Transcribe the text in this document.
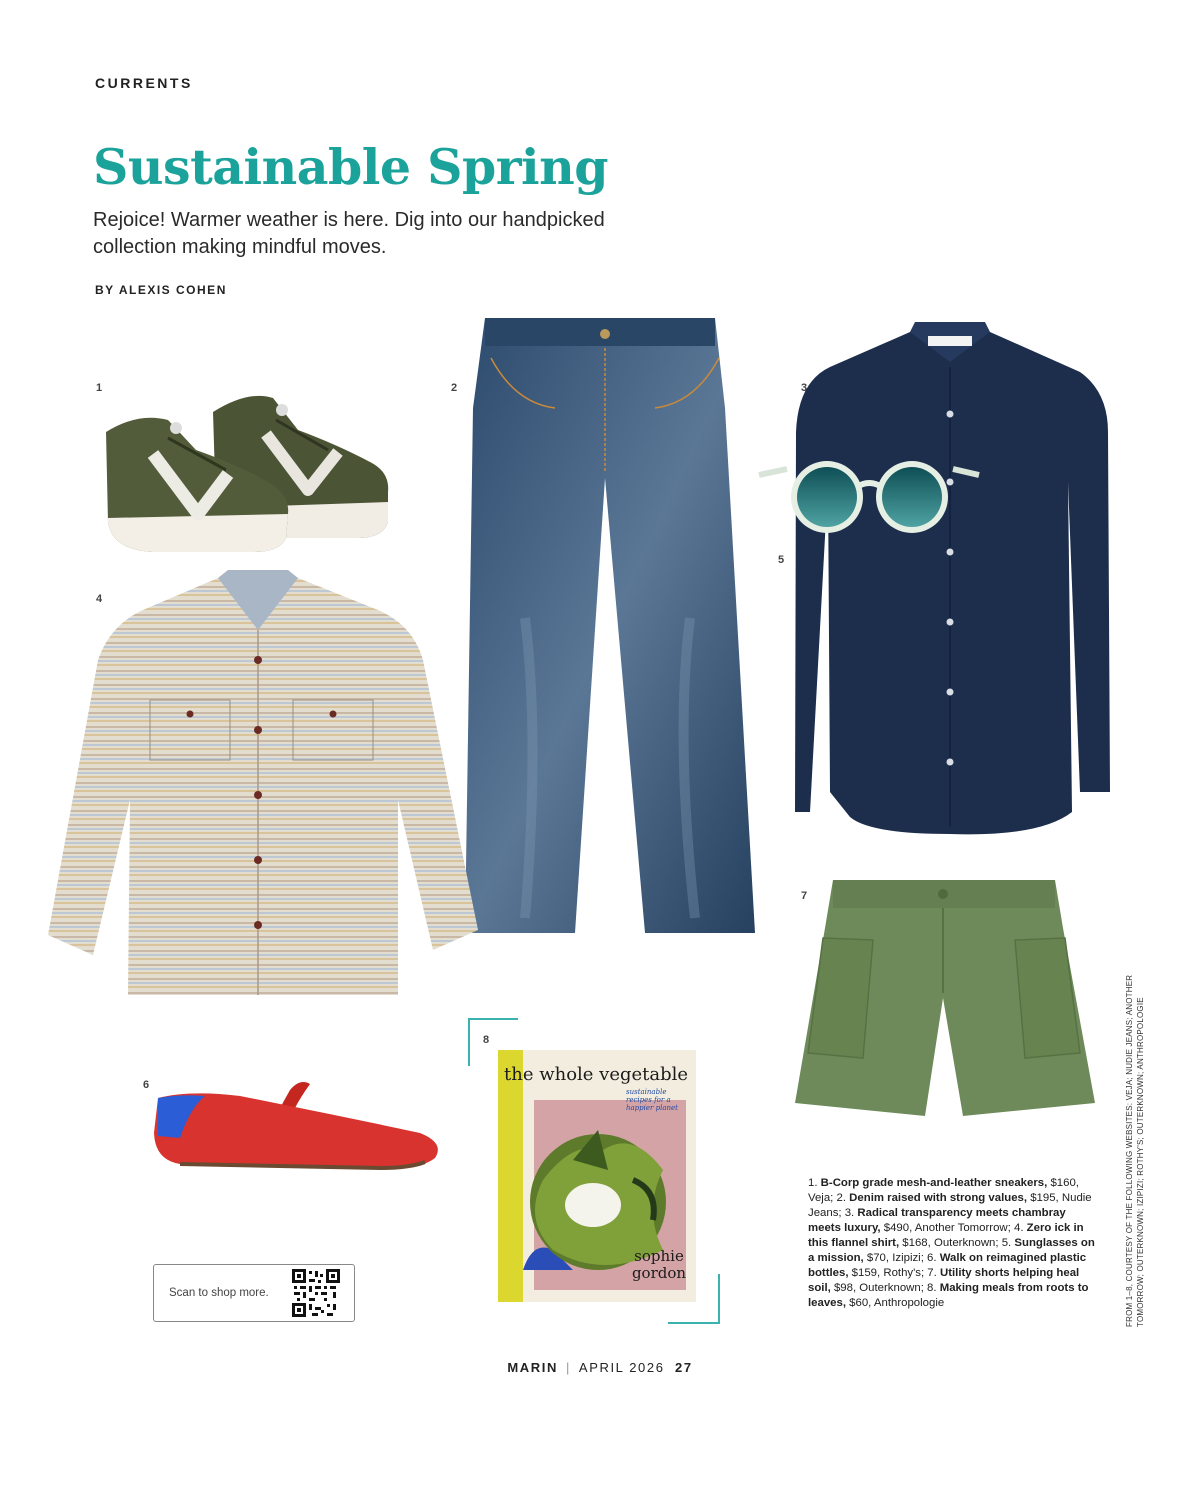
CURRENTS
Sustainable Spring
Rejoice! Warmer weather is here. Dig into our handpicked collection making mindful moves.
BY ALEXIS COHEN
1	2	3
4
5
6
7
8
the whole vegetable
sustainable recipes for a happier planet
sophie
gordon
1. B-Corp grade mesh-and-leather sneakers, $160, Veja; 2. Denim raised with strong values, $195, Nudie Jeans; 3. Radical transparency meets chambray meets luxury, $490, Another Tomorrow; 4. Zero ick in this flannel shirt, $168, Outerknown; 5. Sunglasses on a mission, $70, Izipizi; 6. Walk on reimagined plastic bottles, $159, Rothy's; 7. Utility shorts helping heal soil, $98, Outerknown; 8. Making meals from roots to leaves, $60, Anthropologie	FROM 1–8, COURTESY OF THE FOLLOWING WEBSITES: VEJA; NUDIE JEANS; ANOTHER TOMORROW; OUTERKNOWN; IZIPIZI; ROTHY'S; OUTERKNOWN; ANTHROPOLOGIE
Scan to shop more.
MARIN | APRIL 2026 27
